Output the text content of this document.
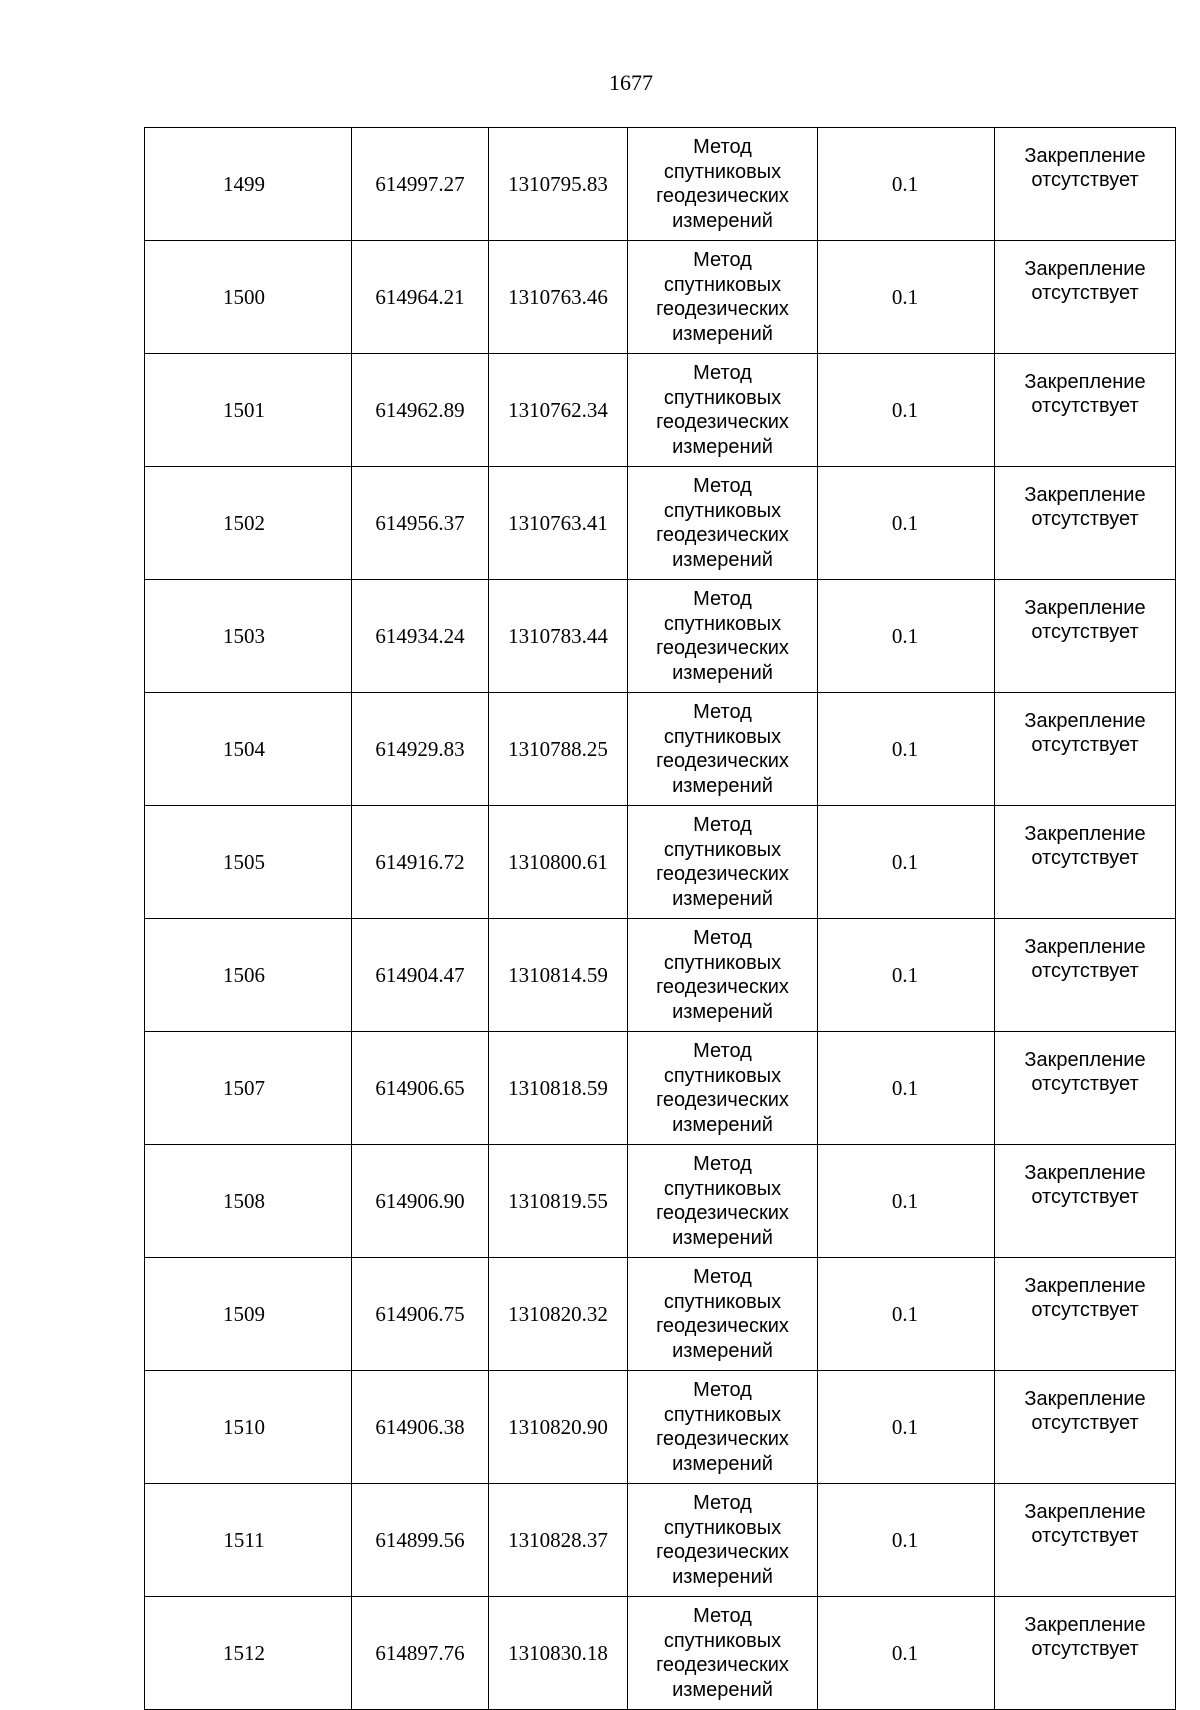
1677
1499	614997.27	1310795.83	Метод
спутниковых
геодезических
измерений	0.1	Закрепление
отсутствует

1500	614964.21	1310763.46	Метод
спутниковых
геодезических
измерений	0.1	Закрепление
отсутствует

1501	614962.89	1310762.34	Метод
спутниковых
геодезических
измерений	0.1	Закрепление
отсутствует

1502	614956.37	1310763.41	Метод
спутниковых
геодезических
измерений	0.1	Закрепление
отсутствует

1503	614934.24	1310783.44	Метод
спутниковых
геодезических
измерений	0.1	Закрепление
отсутствует

1504	614929.83	1310788.25	Метод
спутниковых
геодезических
измерений	0.1	Закрепление
отсутствует

1505	614916.72	1310800.61	Метод
спутниковых
геодезических
измерений	0.1	Закрепление
отсутствует

1506	614904.47	1310814.59	Метод
спутниковых
геодезических
измерений	0.1	Закрепление
отсутствует

1507	614906.65	1310818.59	Метод
спутниковых
геодезических
измерений	0.1	Закрепление
отсутствует

1508	614906.90	1310819.55	Метод
спутниковых
геодезических
измерений	0.1	Закрепление
отсутствует

1509	614906.75	1310820.32	Метод
спутниковых
геодезических
измерений	0.1	Закрепление
отсутствует

1510	614906.38	1310820.90	Метод
спутниковых
геодезических
измерений	0.1	Закрепление
отсутствует

1511	614899.56	1310828.37	Метод
спутниковых
геодезических
измерений	0.1	Закрепление
отсутствует

1512	614897.76	1310830.18	Метод
спутниковых
геодезических
измерений	0.1	Закрепление
отсутствует
